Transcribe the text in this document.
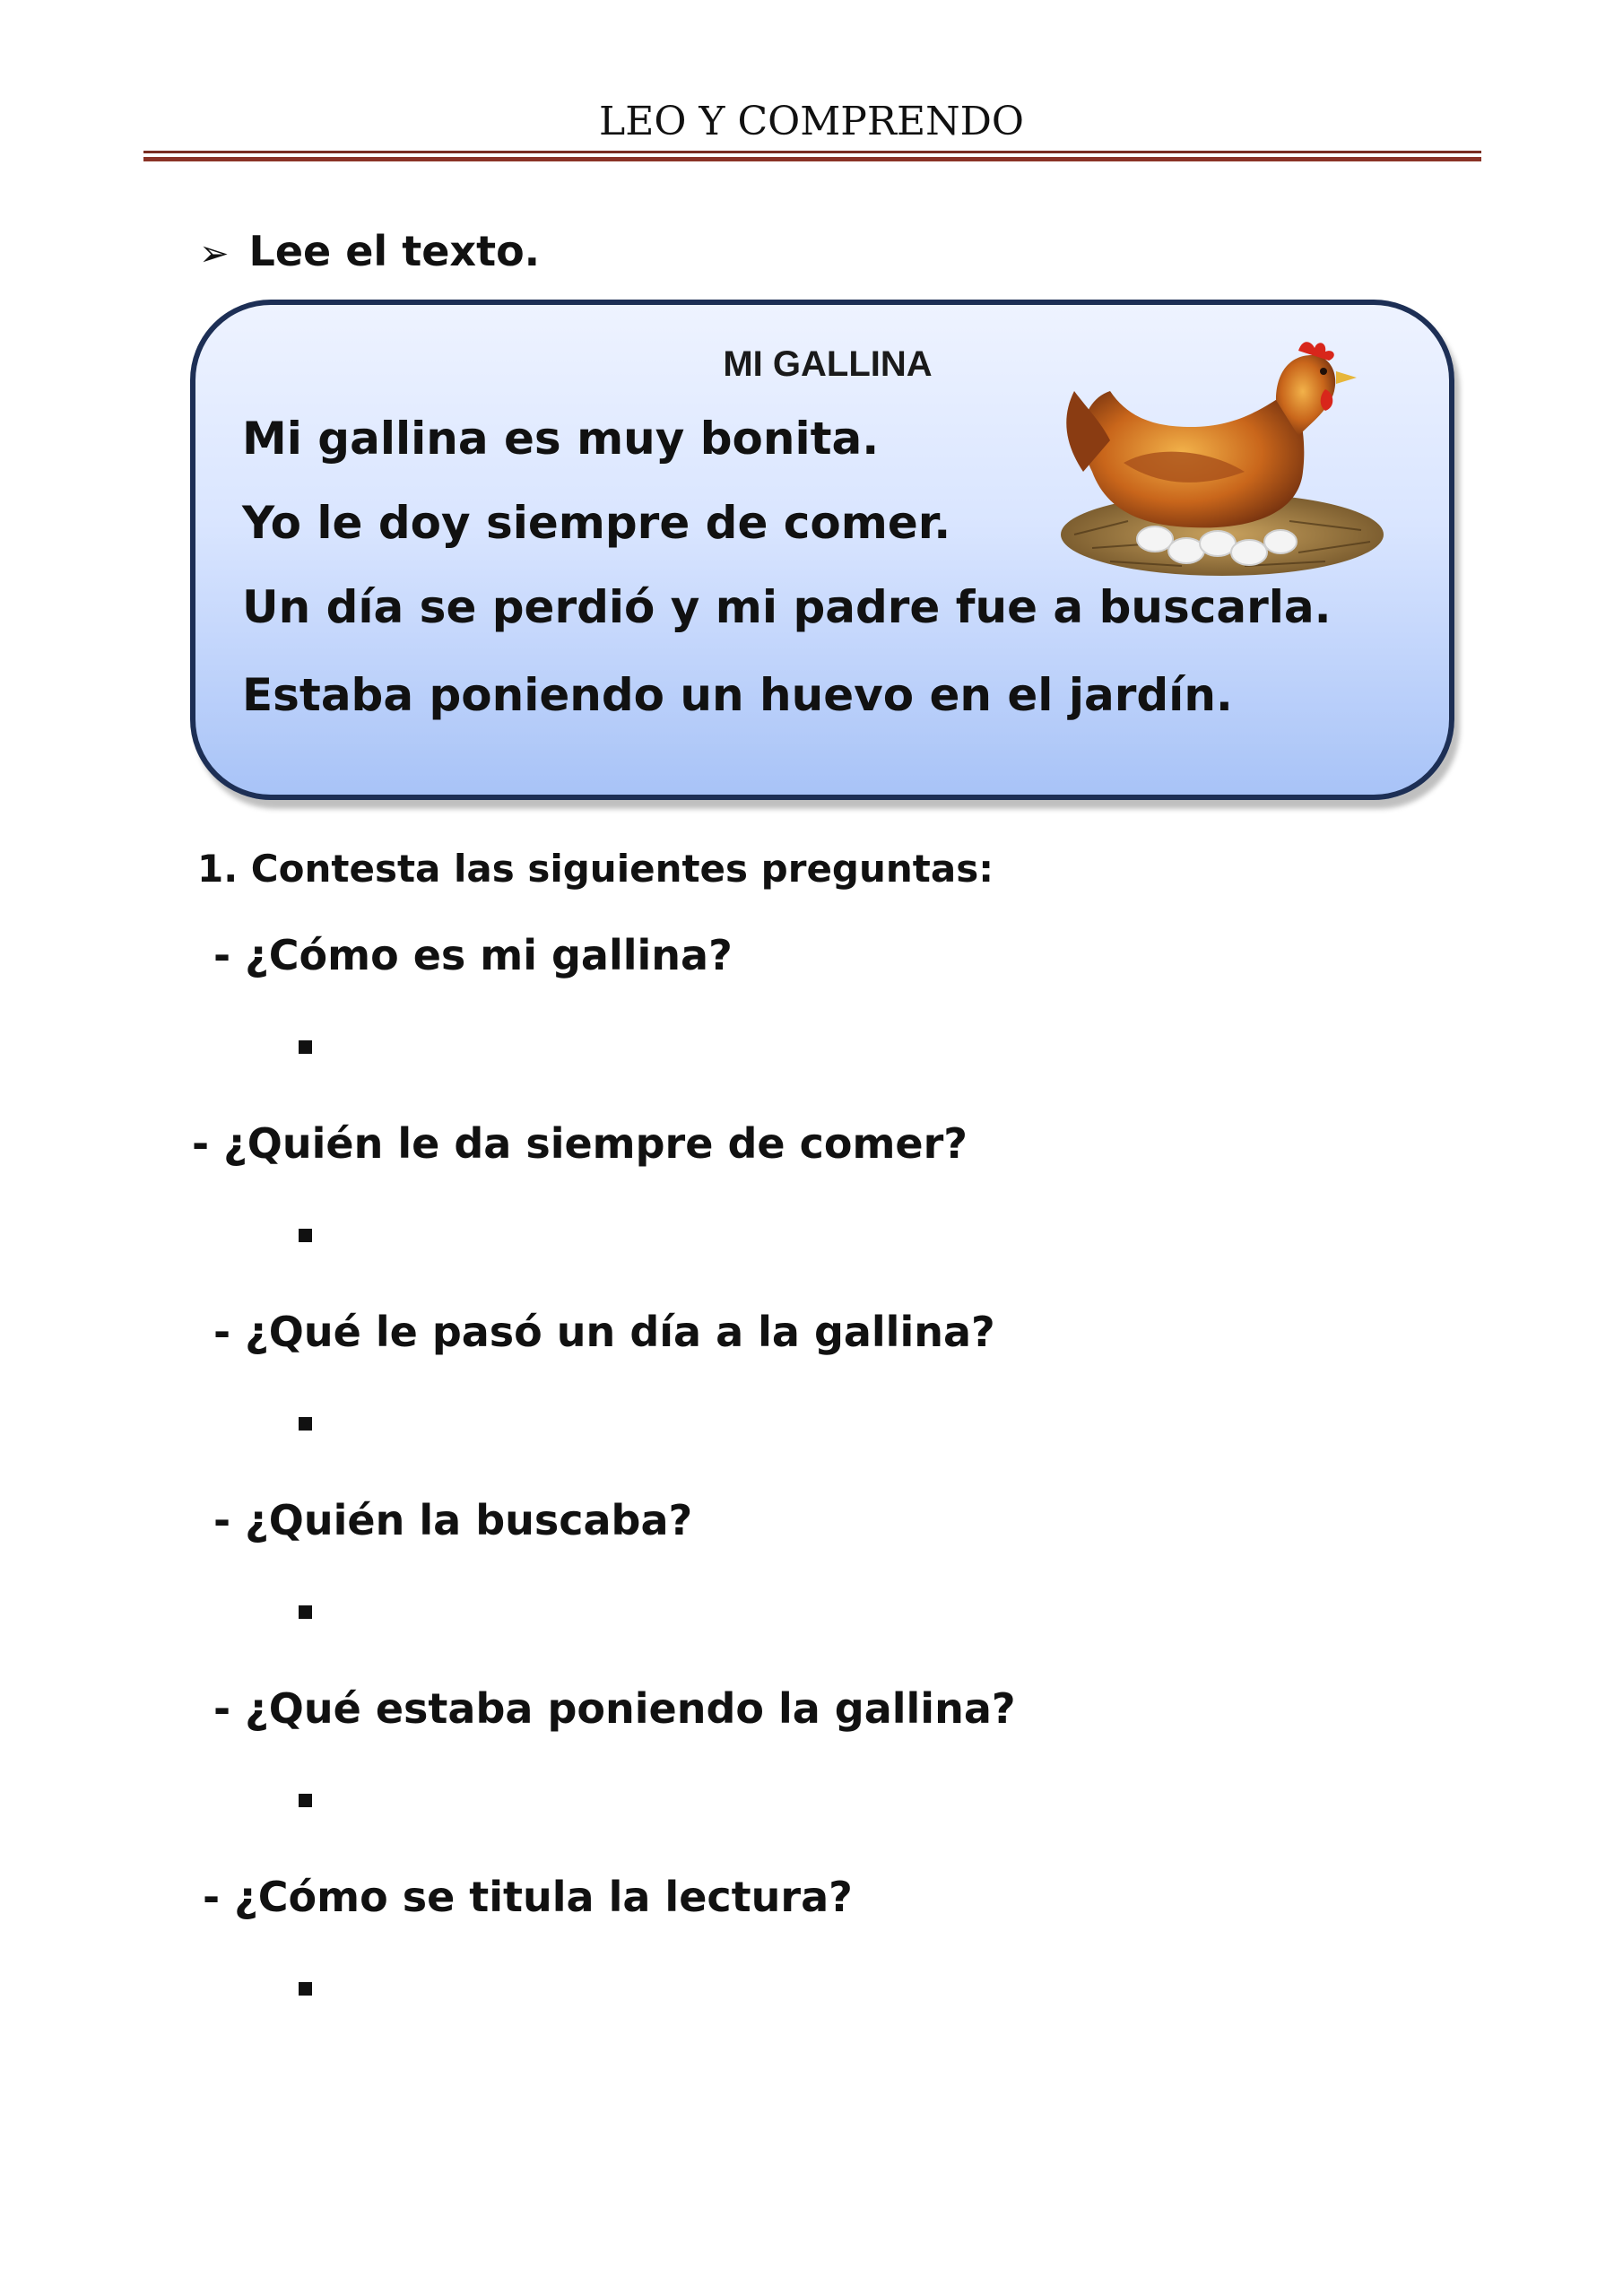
LEO Y COMPRENDO
➢ Lee el texto.
MI GALLINA
Mi gallina es muy bonita.
Yo le doy siempre de comer.
Un día se perdió y mi padre fue a buscarla.
Estaba poniendo un huevo en el jardín.
1. Contesta las siguientes preguntas:
- ¿Cómo es mi gallina?
- ¿Quién le da siempre de comer?
- ¿Qué le pasó un día a la gallina?
- ¿Quién la buscaba?
- ¿Qué estaba poniendo la gallina?
- ¿Cómo se titula la lectura?
